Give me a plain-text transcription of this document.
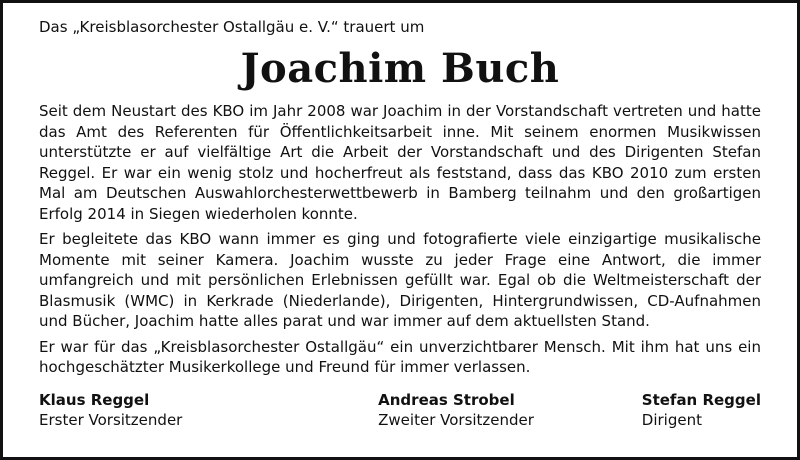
Das „Kreisblasorchester Ostallgäu e. V.“ trauert um

Joachim Buch

Seit dem Neustart des KBO im Jahr 2008 war Joachim in der Vorstandschaft vertreten und hatte das Amt des Referenten für Öffentlichkeitsarbeit inne. Mit seinem enormen Musikwissen unterstützte er auf vielfältige Art die Arbeit der Vorstandschaft und des Dirigenten Stefan Reggel. Er war ein wenig stolz und hocherfreut als feststand, dass das KBO 2010 zum ersten Mal am Deutschen Auswahlorchesterwettbewerb in Bamberg teilnahm und den großartigen Erfolg 2014 in Siegen wiederholen konnte.

Er begleitete das KBO wann immer es ging und fotografierte viele einzigartige musikalische Momente mit seiner Kamera. Joachim wusste zu jeder Frage eine Antwort, die immer umfangreich und mit persönlichen Erlebnissen gefüllt war. Egal ob die Weltmeisterschaft der Blasmusik (WMC) in Kerkrade (Niederlande), Dirigenten, Hintergrundwissen, CD-Aufnahmen und Bücher, Joachim hatte alles parat und war immer auf dem aktuellsten Stand.

Er war für das „Kreisblasorchester Ostallgäu“ ein unverzichtbarer Mensch. Mit ihm hat uns ein hochgeschätzter Musikerkollege und Freund für immer verlassen.

Klaus Reggel
Erster Vorsitzender
Andreas Strobel
Zweiter Vorsitzender
Stefan Reggel
Dirigent
